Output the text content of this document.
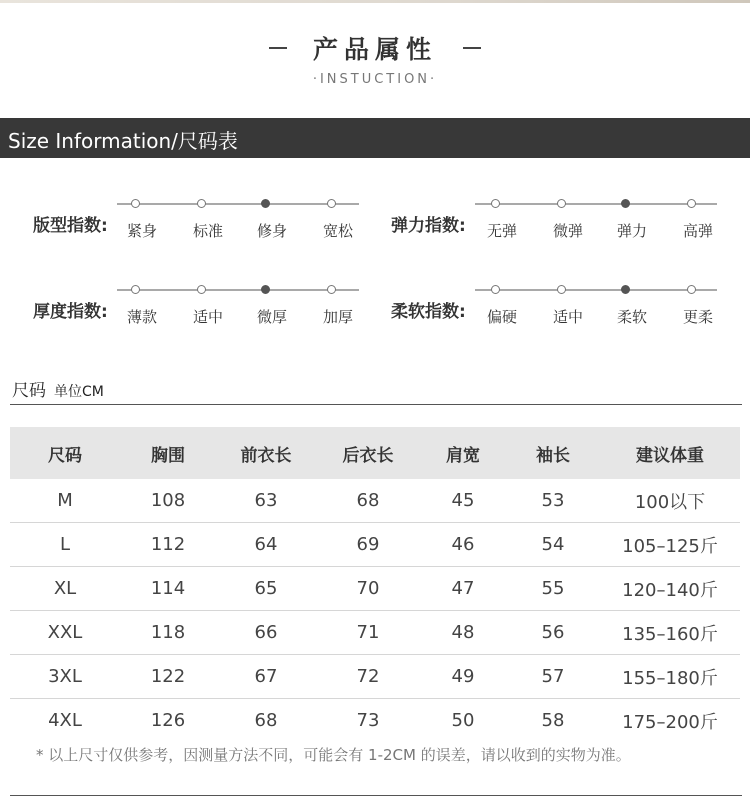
产品属性
·INSTUCTION·
Size Information/尺码表
版型指数: 紧身 标准 修身 宽松 弹力指数: 无弹 微弹 弹力 高弹
厚度指数: 薄款 适中 微厚 加厚 柔软指数: 偏硬 适中 柔软 更柔
尺码 单位CM
尺码	胸围	前衣长	后衣长	肩宽	袖长	建议体重
M	108	63	68	45	53	100以下
L	112	64	69	46	54	105–125斤
XL	114	65	70	47	55	120–140斤
XXL	118	66	71	48	56	135–160斤
3XL	122	67	72	49	57	155–180斤
4XL	126	68	73	50	58	175–200斤
* 以上尺寸仅供参考，因测量方法不同，可能会有 1-2CM 的误差，请以收到的实物为准。
